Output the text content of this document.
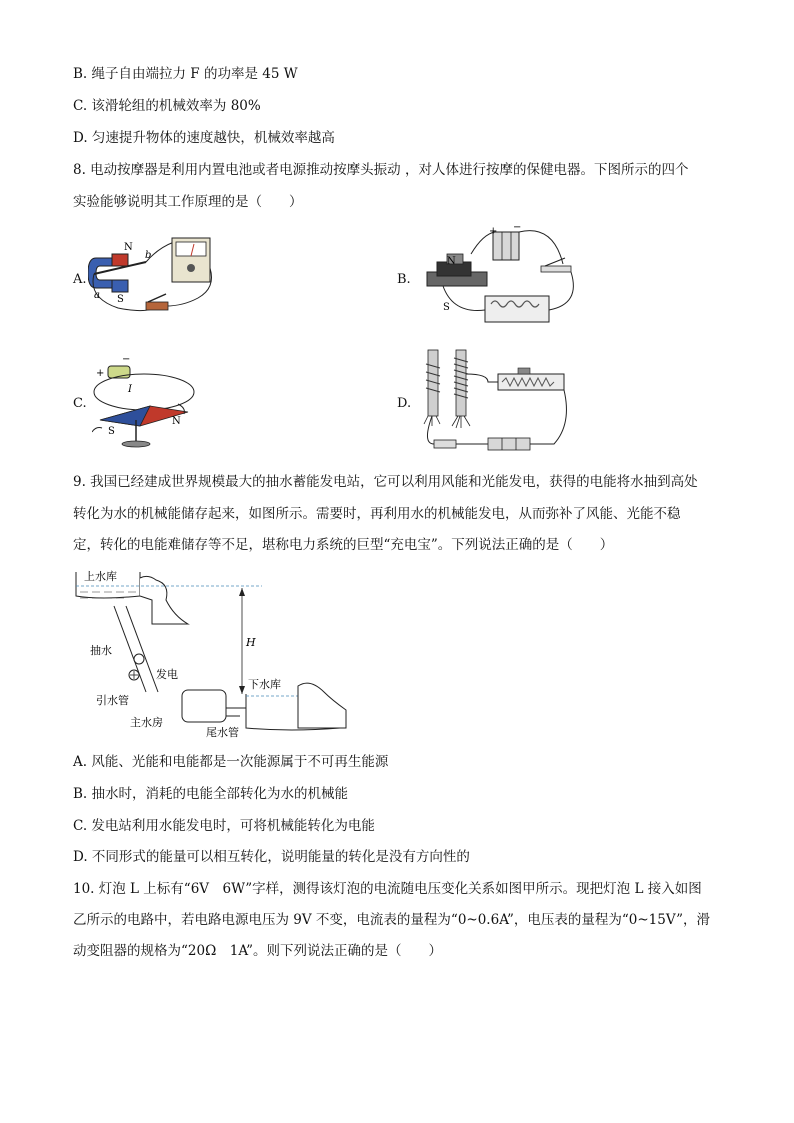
B. 绳子自由端拉力 F 的功率是 45 W
C. 该滑轮组的机械效率为 80%
D. 匀速提升物体的速度越快，机械效率越高
8. 电动按摩器是利用内置电池或者电源推动按摩头振动 ，对人体进行按摩的保健电器。下图所示的四个
实验能够说明其工作原理的是（　　）
A.	B.
C.	D.
N
S
a
b
N
S
+ −
+
−
I
S
N
9. 我国已经建成世界规模最大的抽水蓄能发电站，它可以利用风能和光能发电，获得的电能将水抽到高处
转化为水的机械能储存起来，如图所示。需要时，再利用水的机械能发电，从而弥补了风能、光能不稳
定，转化的电能难储存等不足，堪称电力系统的巨型“充电宝”。下列说法正确的是（　　）
上水库
H
抽水
发电
下水库
引水管
主水房
尾水管
A. 风能、光能和电能都是一次能源属于不可再生能源
B. 抽水时，消耗的电能全部转化为水的机械能
C. 发电站利用水能发电时，可将机械能转化为电能
D. 不同形式的能量可以相互转化，说明能量的转化是没有方向性的
10. 灯泡 L 上标有“6V　6W”字样，测得该灯泡的电流随电压变化关系如图甲所示。现把灯泡 L 接入如图
乙所示的电路中，若电路电源电压为 9V 不变，电流表的量程为“0~0.6A”，电压表的量程为“0~15V”，滑
动变阻器的规格为“20Ω　1A”。则下列说法正确的是（　　）
